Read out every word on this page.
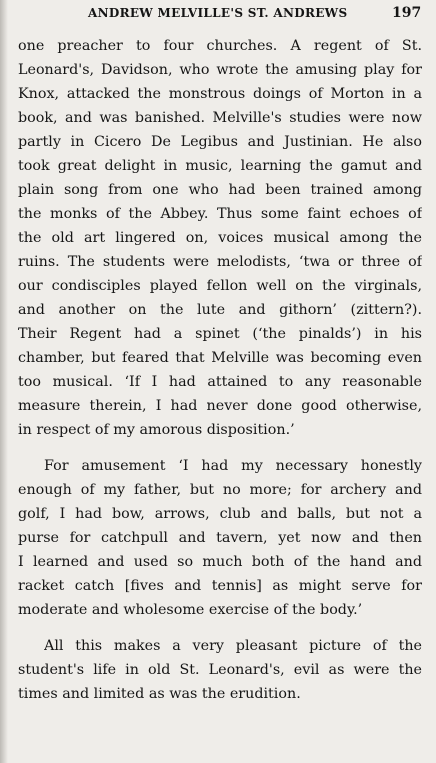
ANDREW MELVILLE'S ST. ANDREWS	197
one preacher to four churches. A regent of St.
Leonard's, Davidson, who wrote the amusing play for
Knox, attacked the monstrous doings of Morton in a
book, and was banished. Melville's studies were now
partly in Cicero De Legibus and Justinian. He also
took great delight in music, learning the gamut and
plain song from one who had been trained among
the monks of the Abbey. Thus some faint echoes of
the old art lingered on, voices musical among the
ruins. The students were melodists, ‘twa or three of
our condisciples played fellon well on the virginals,
and another on the lute and githorn’ (zittern?).
Their Regent had a spinet (‘the pinalds’) in his
chamber, but feared that Melville was becoming even
too musical. ‘If I had attained to any reasonable
measure therein, I had never done good otherwise,
in respect of my amorous disposition.’
For amusement ‘I had my necessary honestly
enough of my father, but no more; for archery and
golf, I had bow, arrows, club and balls, but not a
purse for catchpull and tavern, yet now and then
I learned and used so much both of the hand and
racket catch [fives and tennis] as might serve for
moderate and wholesome exercise of the body.’
All this makes a very pleasant picture of the
student's life in old St. Leonard's, evil as were the
times and limited as was the erudition.
